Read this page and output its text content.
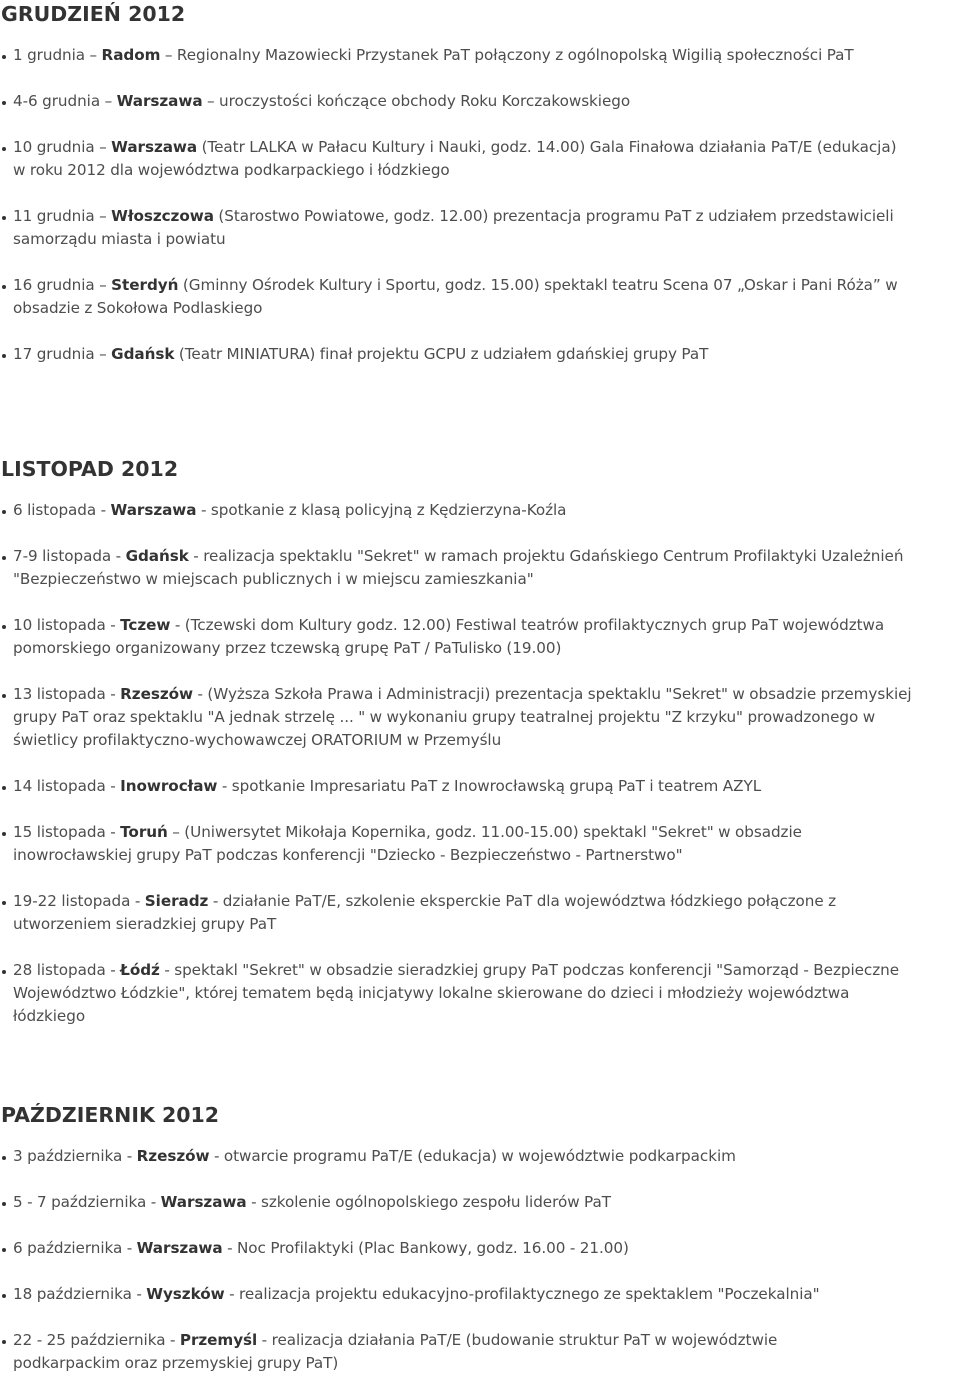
GRUDZIEŃ 2012
1 grudnia – Radom – Regionalny Mazowiecki Przystanek PaT połączony z ogólnopolską Wigilią społeczności PaT
4-6 grudnia – Warszawa – uroczystości kończące obchody Roku Korczakowskiego
10 grudnia – Warszawa (Teatr LALKA w Pałacu Kultury i Nauki, godz. 14.00) Gala Finałowa działania PaT/E (edukacja)
w roku 2012 dla województwa podkarpackiego i łódzkiego
11 grudnia – Włoszczowa (Starostwo Powiatowe, godz. 12.00) prezentacja programu PaT z udziałem przedstawicieli
samorządu miasta i powiatu
16 grudnia – Sterdyń (Gminny Ośrodek Kultury i Sportu, godz. 15.00) spektakl teatru Scena 07 „Oskar i Pani Róża” w
obsadzie z Sokołowa Podlaskiego
17 grudnia – Gdańsk (Teatr MINIATURA) finał projektu GCPU z udziałem gdańskiej grupy PaT
LISTOPAD 2012
6 listopada - Warszawa - spotkanie z klasą policyjną z Kędzierzyna-Koźla
7-9 listopada - Gdańsk - realizacja spektaklu "Sekret" w ramach projektu Gdańskiego Centrum Profilaktyki Uzależnień
"Bezpieczeństwo w miejscach publicznych i w miejscu zamieszkania"
10 listopada - Tczew - (Tczewski dom Kultury godz. 12.00) Festiwal teatrów profilaktycznych grup PaT województwa
pomorskiego organizowany przez tczewską grupę PaT / PaTulisko (19.00)
13 listopada - Rzeszów - (Wyższa Szkoła Prawa i Administracji) prezentacja spektaklu "Sekret" w obsadzie przemyskiej
grupy PaT oraz spektaklu "A jednak strzelę ... " w wykonaniu grupy teatralnej projektu "Z krzyku" prowadzonego w
świetlicy profilaktyczno-wychowawczej ORATORIUM w Przemyślu
14 listopada - Inowrocław - spotkanie Impresariatu PaT z Inowrocławską grupą PaT i teatrem AZYL
15 listopada - Toruń – (Uniwersytet Mikołaja Kopernika, godz. 11.00-15.00) spektakl "Sekret" w obsadzie
inowrocławskiej grupy PaT podczas konferencji "Dziecko - Bezpieczeństwo - Partnerstwo"
19-22 listopada - Sieradz - działanie PaT/E, szkolenie eksperckie PaT dla województwa łódzkiego połączone z
utworzeniem sieradzkiej grupy PaT
28 listopada - Łódź - spektakl "Sekret" w obsadzie sieradzkiej grupy PaT podczas konferencji "Samorząd - Bezpieczne
Województwo Łódzkie", której tematem będą inicjatywy lokalne skierowane do dzieci i młodzieży województwa
łódzkiego
PAŹDZIERNIK 2012
3 października - Rzeszów - otwarcie programu PaT/E (edukacja) w województwie podkarpackim
5 - 7 października - Warszawa - szkolenie ogólnopolskiego zespołu liderów PaT
6 października - Warszawa - Noc Profilaktyki (Plac Bankowy, godz. 16.00 - 21.00)
18 października - Wyszków - realizacja projektu edukacyjno-profilaktycznego ze spektaklem "Poczekalnia"
22 - 25 października - Przemyśl - realizacja działania PaT/E (budowanie struktur PaT w województwie
podkarpackim oraz przemyskiej grupy PaT)
